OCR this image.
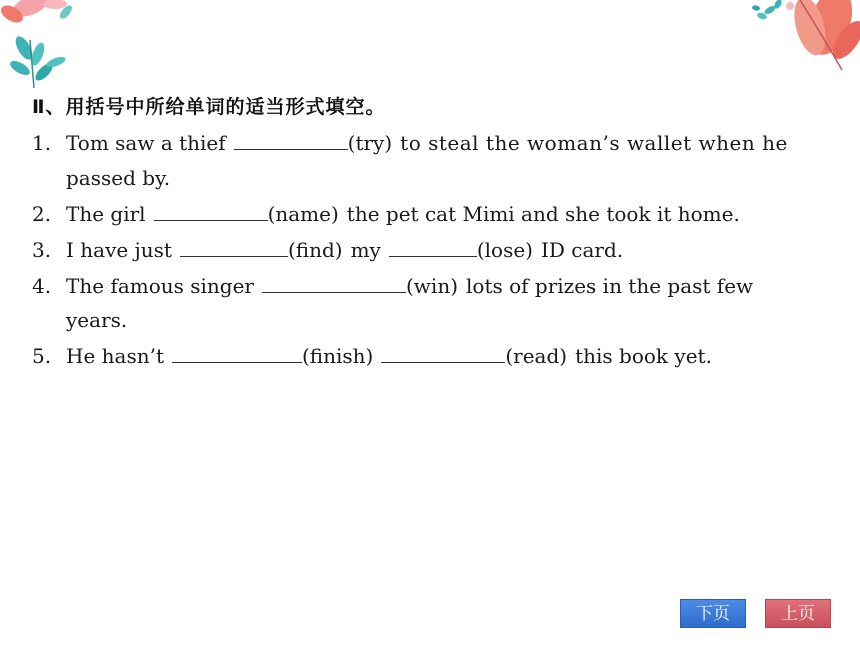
Ⅱ、用括号中所给单词的适当形式填空。
1. Tom saw a thief	(try) to steal the woman’s wallet when he
passed by.
2. The girl	(name) the pet cat Mimi and she took it home.
3. I have just	(find) my	(lose) ID card.
4. The famous singer	(win) lots of prizes in the past few
years.
5. He hasn’t	(finish)	(read) this book yet.
下页	上页
